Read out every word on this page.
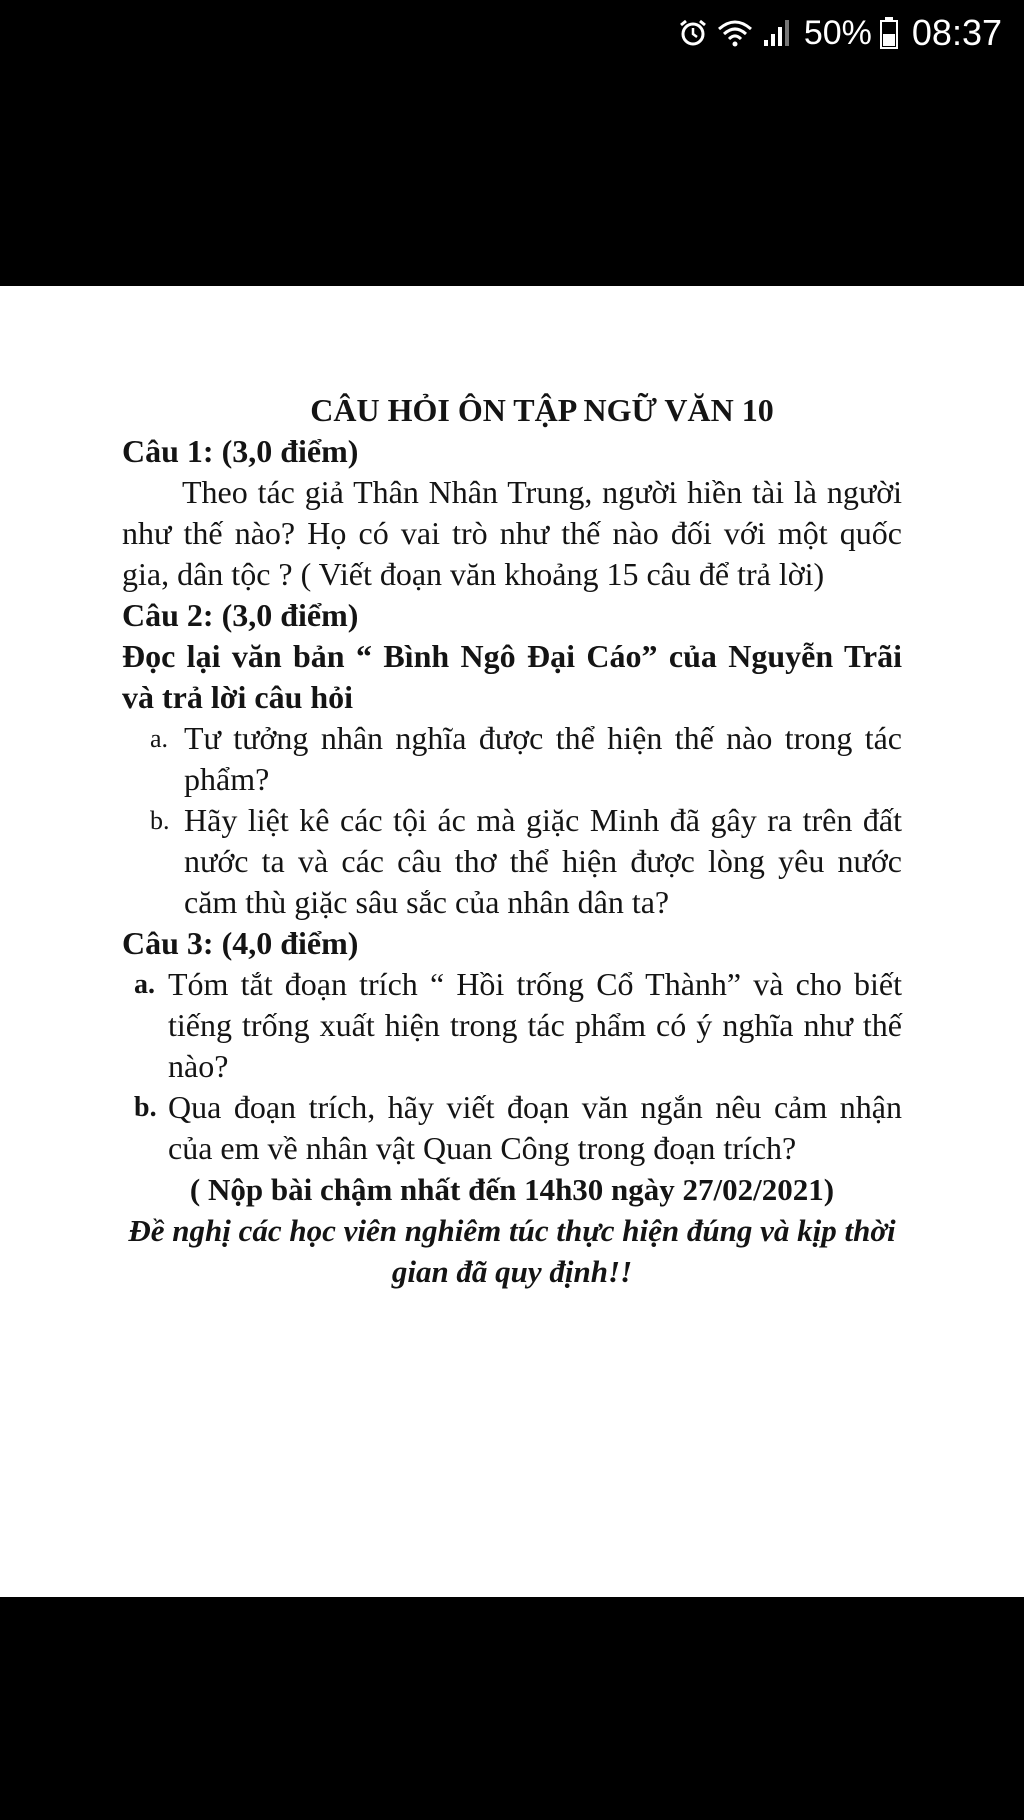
50% 08:37
CÂU HỎI ÔN TẬP NGỮ VĂN 10
Câu 1: (3,0 điểm)
Theo tác giả Thân Nhân Trung, người hiền tài là người như thế nào? Họ có vai trò như thế nào đối với một quốc gia, dân tộc ? ( Viết đoạn văn khoảng 15 câu để trả lời)
Câu 2: (3,0 điểm)
Đọc lại văn bản “ Bình Ngô Đại Cáo” của Nguyễn Trãi và trả lời câu hỏi
a. Tư tưởng nhân nghĩa được thể hiện thế nào trong tác phẩm?
b. Hãy liệt kê các tội ác mà giặc Minh đã gây ra trên đất nước ta và các câu thơ thể hiện được lòng yêu nước căm thù giặc sâu sắc của nhân dân ta?
Câu 3: (4,0 điểm)
a. Tóm tắt đoạn trích “ Hồi trống Cổ Thành” và cho biết tiếng trống xuất hiện trong tác phẩm có ý nghĩa như thế nào?
b. Qua đoạn trích, hãy viết đoạn văn ngắn nêu cảm nhận của em về nhân vật Quan Công trong đoạn trích?
( Nộp bài chậm nhất đến 14h30 ngày 27/02/2021)
Đề nghị các học viên nghiêm túc thực hiện đúng và kịp thời gian đã quy định!!
